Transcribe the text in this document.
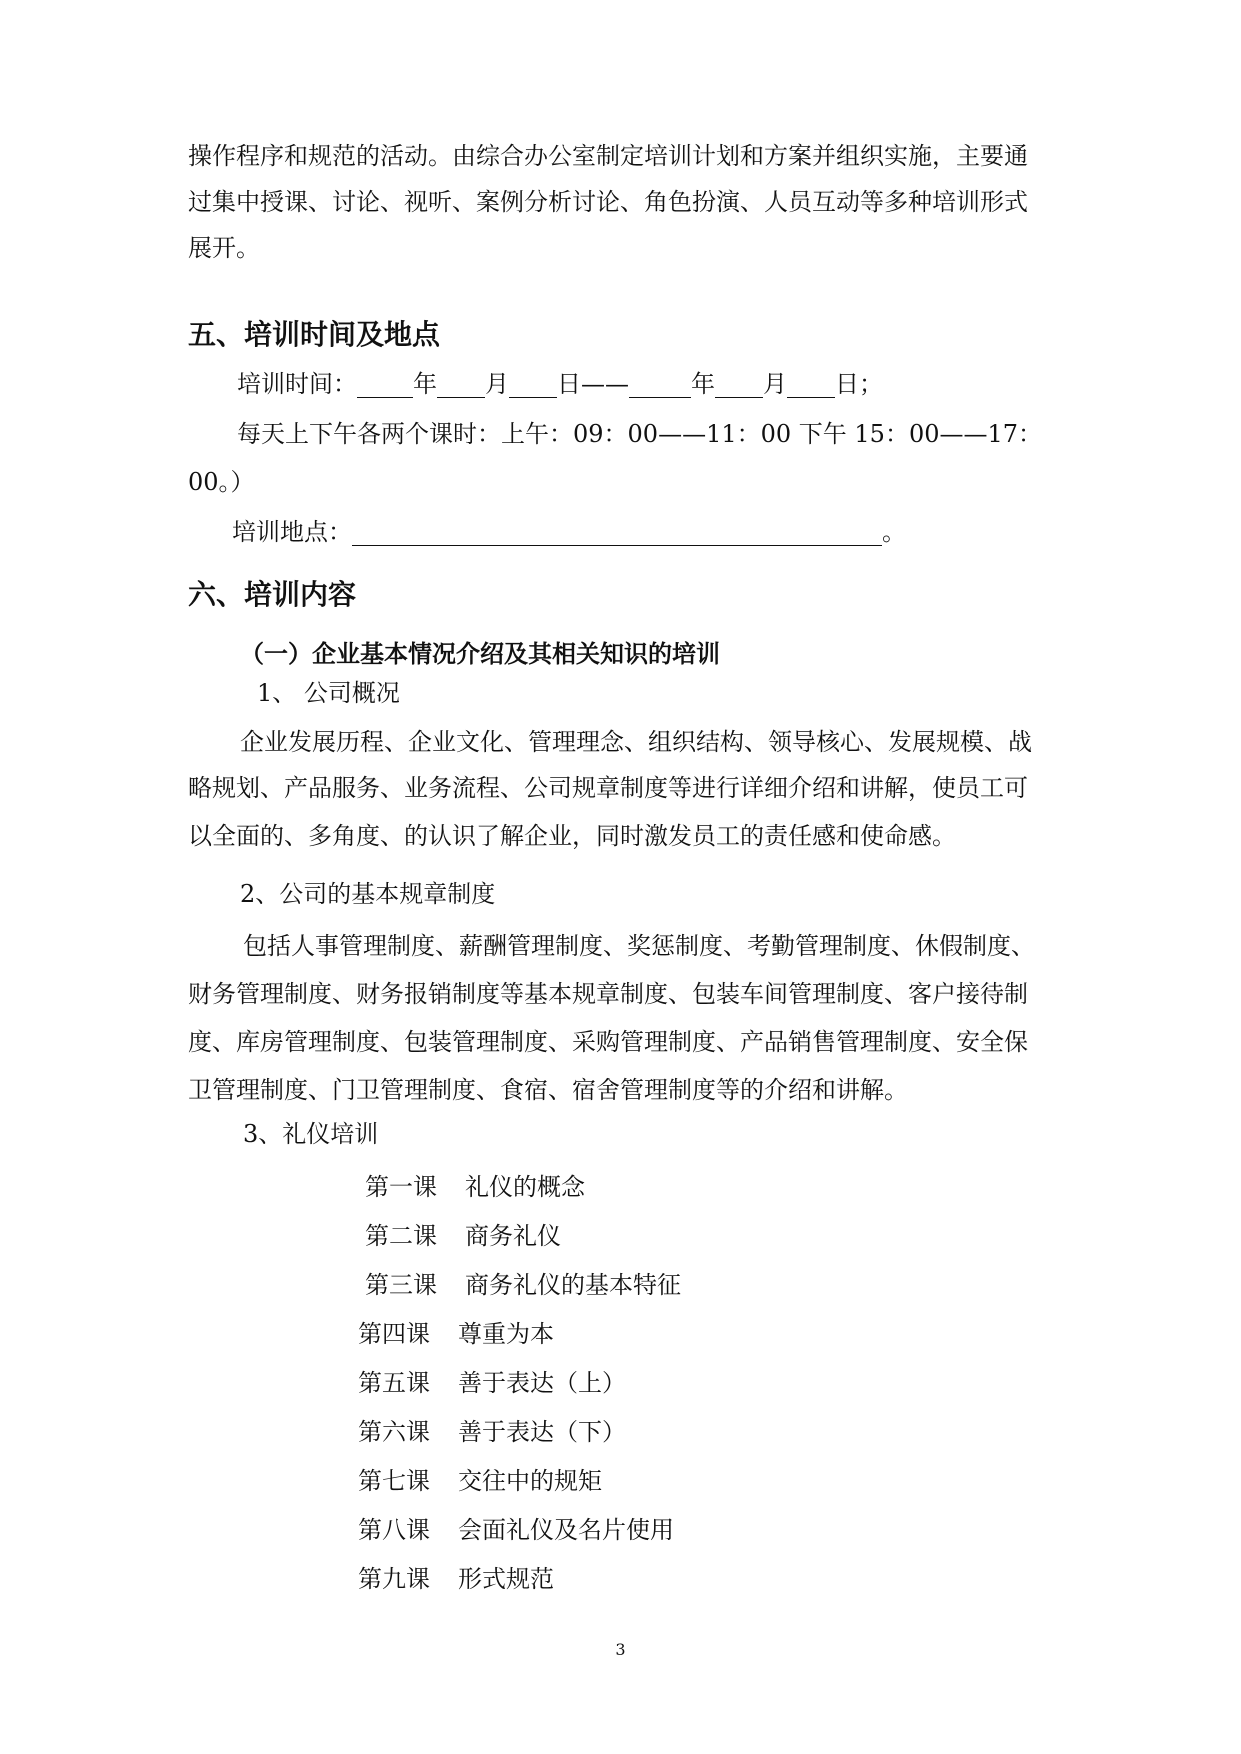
操作程序和规范的活动。由综合办公室制定培训计划和方案并组织实施，主要通
过集中授课、讨论、视听、案例分析讨论、角色扮演、人员互动等多种培训形式
展开。
五、培训时间及地点
培训时间： 年 月 日——	年 月 日；
每天上下午各两个课时：上午：09：00——11：00 下午 15：00——17：
00。）
培训地点：	。
六、培训内容
（一）企业基本情况介绍及其相关知识的培训
1、 公司概况
企业发展历程、企业文化、管理理念、组织结构、领导核心、发展规模、战
略规划、产品服务、业务流程、公司规章制度等进行详细介绍和讲解，使员工可
以全面的、多角度、的认识了解企业，同时激发员工的责任感和使命感。
2、公司的基本规章制度
包括人事管理制度、薪酬管理制度、奖惩制度、考勤管理制度、休假制度、
财务管理制度、财务报销制度等基本规章制度、包装车间管理制度、客户接待制
度、库房管理制度、包装管理制度、采购管理制度、产品销售管理制度、安全保
卫管理制度、门卫管理制度、食宿、宿舍管理制度等的介绍和讲解。
3、礼仪培训
第一课 礼仪的概念
第二课 商务礼仪
第三课 商务礼仪的基本特征
第四课 尊重为本
第五课 善于表达（上）
第六课 善于表达（下）
第七课 交往中的规矩
第八课 会面礼仪及名片使用
第九课 形式规范
3
